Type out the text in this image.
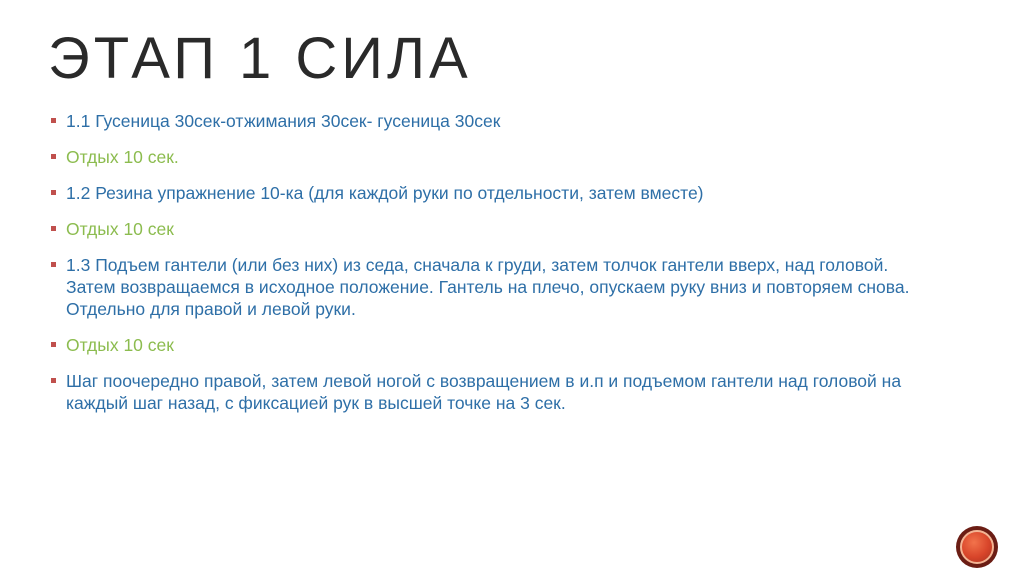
ЭТАП 1 СИЛА
1.1 Гусеница 30сек-отжимания 30сек- гусеница 30сек
Отдых 10 сек.
1.2 Резина упражнение 10-ка (для каждой руки по отдельности, затем вместе)
Отдых 10 сек
1.3 Подъем гантели (или без них) из седа, сначала к груди, затем толчок гантели вверх, над головой. Затем возвращаемся в исходное положение. Гантель на плечо, опускаем руку вниз и повторяем снова. Отдельно для правой и левой руки.
Отдых 10 сек
Шаг поочередно правой, затем левой ногой с возвращением в и.п и подъемом гантели над головой на каждый шаг назад, с фиксацией рук в высшей точке на 3 сек.
